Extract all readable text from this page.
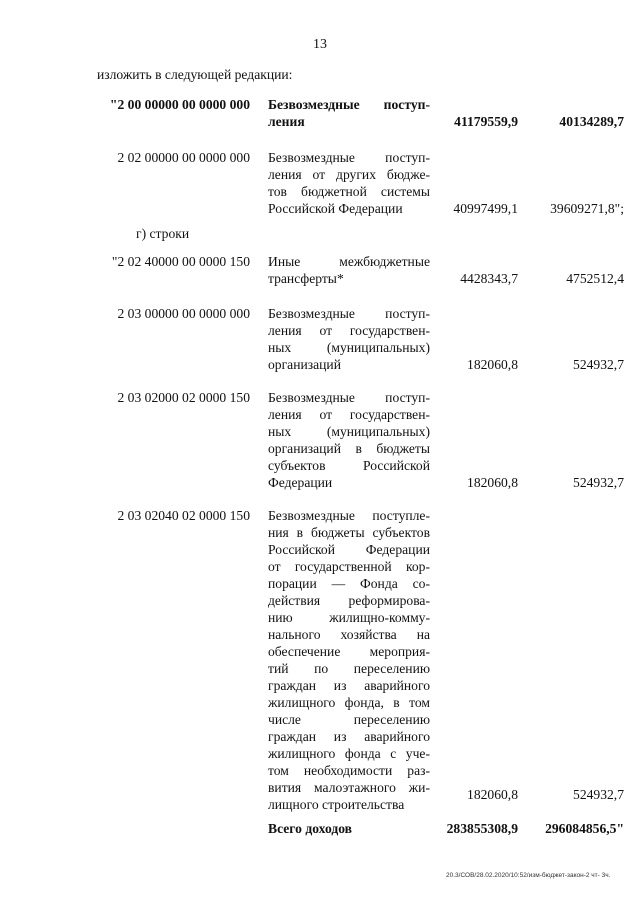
13
изложить в следующей редакции:
"2 00 00000 00 0000 000 Безвозмездные поступ-
ления	41179559,9	40134289,7
2 02 00000 00 0000 000 Безвозмездные поступ-
ления от других бюдже-
тов бюджетной системы
Российской Федерации	40997499,1	39609271,8";
г) строки
"2 02 40000 00 0000 150 Иные межбюджетные
трансферты*	4428343,7	4752512,4
2 03 00000 00 0000 000 Безвозмездные поступ-
ления от государствен-
ных (муниципальных)
организаций	182060,8	524932,7
2 03 02000 02 0000 150 Безвозмездные поступ-
ления от государствен-
ных (муниципальных)
организаций в бюджеты
субъектов Российской
Федерации	182060,8	524932,7
2 03 02040 02 0000 150 Безвозмездные поступле-
ния в бюджеты субъектов
Российской Федерации
от государственной кор-
порации — Фонда со-
действия реформирова-
нию жилищно-комму-
нального хозяйства на
обеспечение мероприя-
тий по переселению
граждан из аварийного
жилищного фонда, в том
числе переселению
граждан из аварийного
жилищного фонда с уче-
том необходимости раз-
вития малоэтажного жи-
лищного строительства
182060,8	524932,7
Всего доходов	283855308,9	296084856,5"
20.3/СОВ/28.02.2020/10:52/изм-бюджет-закон-2 чт- 3ч.
